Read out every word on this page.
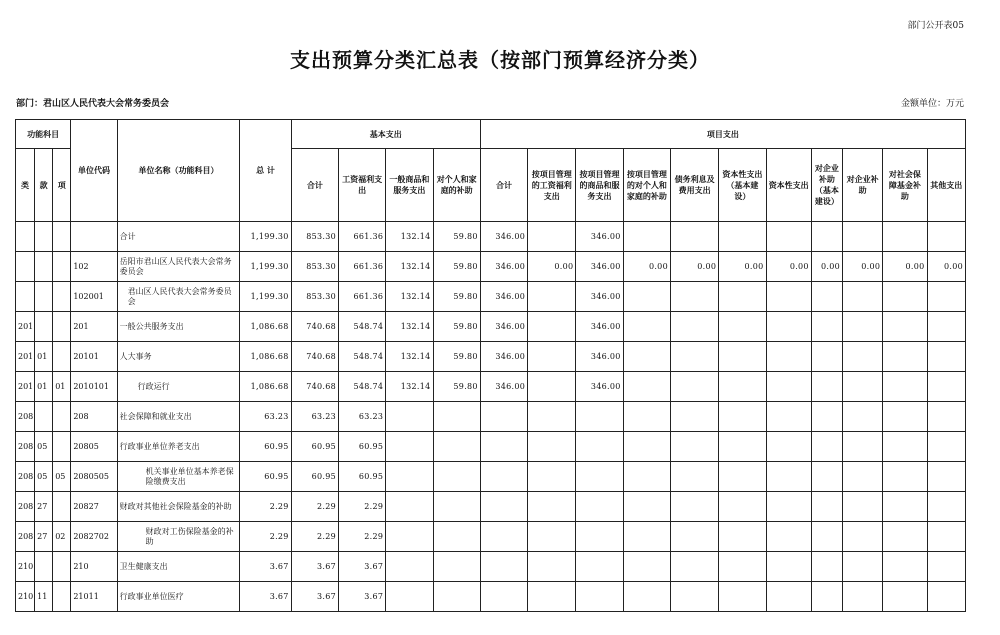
部门公开表05
支出预算分类汇总表（按部门预算经济分类）
部门：君山区人民代表大会常务委员会	金额单位：万元
功能科目			单位代码	单位名称（功能科目）	总 计	基本支出				项目支出										
类	款	项				合计	工资福利支出	一般商品和服务支出	对个人和家庭的补助	合计	按项目管理的工资福利支出	按项目管理的商品和服务支出	按项目管理的对个人和家庭的补助	债务利息及费用支出	资本性支出（基本建设）	资本性支出	对企业补助（基本建设）	对企业补助	对社会保障基金补助	其他支出
				合计	1,199.30	853.30	661.36	132.14	59.80	346.00		346.00								
			102	岳阳市君山区人民代表大会常务委员会	1,199.30	853.30	661.36	132.14	59.80	346.00	0.00	346.00	0.00	0.00	0.00	0.00	0.00	0.00	0.00	0.00
			102001	君山区人民代表大会常务委员会	1,199.30	853.30	661.36	132.14	59.80	346.00		346.00								
201			201	一般公共服务支出	1,086.68	740.68	548.74	132.14	59.80	346.00		346.00								
201	01		20101	人大事务	1,086.68	740.68	548.74	132.14	59.80	346.00		346.00								
201	01	01	2010101	行政运行	1,086.68	740.68	548.74	132.14	59.80	346.00		346.00								
208			208	社会保障和就业支出	63.23	63.23	63.23													
208	05		20805	行政事业单位养老支出	60.95	60.95	60.95													
208	05	05	2080505	机关事业单位基本养老保险缴费支出	60.95	60.95	60.95													
208	27		20827	财政对其他社会保险基金的补助	2.29	2.29	2.29													
208	27	02	2082702	财政对工伤保险基金的补助	2.29	2.29	2.29													
210			210	卫生健康支出	3.67	3.67	3.67													
210	11		21011	行政事业单位医疗	3.67	3.67	3.67													
